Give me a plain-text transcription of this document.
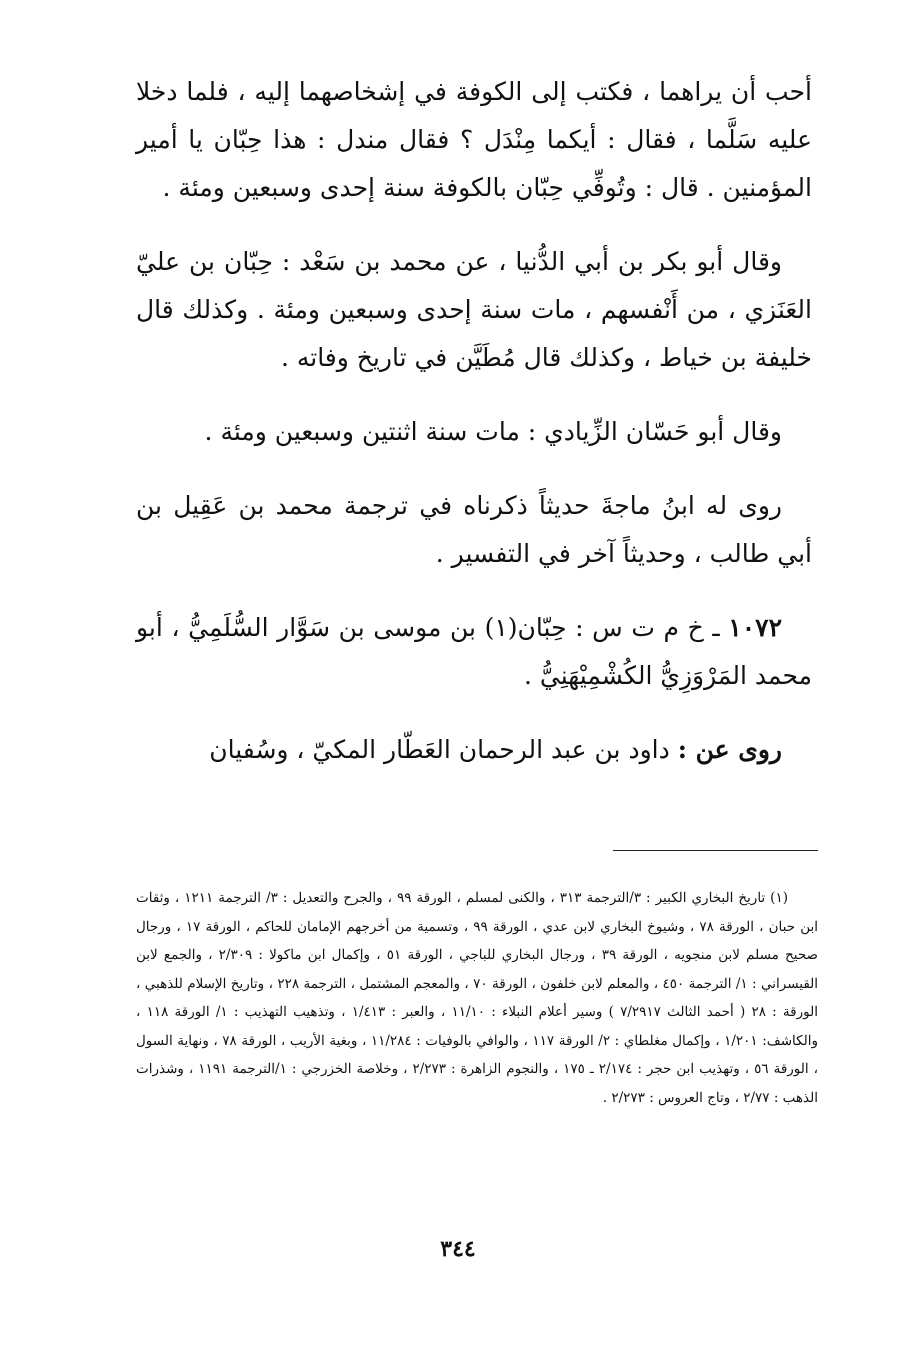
أحب أن يراهما ، فكتب إلى الكوفة في إشخاصهما إليه ، فلما دخلا عليه سَلَّما ، فقال : أيكما مِنْدَل ؟ فقال مندل : هذا حِبّان يا أمير المؤمنين . قال : وتُوفِّي حِبّان بالكوفة سنة إحدى وسبعين ومئة .

وقال أبو بكر بن أبي الدُّنيا ، عن محمد بن سَعْد : حِبّان بن عليّ العَنَزي ، من أَنْفسهم ، مات سنة إحدى وسبعين ومئة . وكذلك قال خليفة بن خياط ، وكذلك قال مُطَيَّن في تاريخ وفاته .

وقال أبو حَسّان الزِّيادي : مات سنة اثنتين وسبعين ومئة .

روى له ابنُ ماجةَ حديثاً ذكرناه في ترجمة محمد بن عَقِيل بن أبي طالب ، وحديثاً آخر في التفسير .

١٠٧٢ ـ خ م ت س : حِبّان(١) بن موسى بن سَوَّار السُّلَمِيُّ ، أبو محمد المَرْوَزِيُّ الكُشْمِيْهَنِيُّ .

روى عن : داود بن عبد الرحمان العَطّار المكيّ ، وسُفيان

(١) تاريخ البخاري الكبير : ٣/الترجمة ٣١٣ ، والكنى لمسلم ، الورقة ٩٩ ، والجرح والتعديل : ٣/ الترجمة ١٢١١ ، وثقات ابن حبان ، الورقة ٧٨ ، وشيوخ البخاري لابن عدي ، الورقة ٩٩ ، وتسمية من أخرجهم الإمامان للحاكم ، الورقة ١٧ ، ورجال صحيح مسلم لابن منجويه ، الورقة ٣٩ ، ورجال البخاري للباجي ، الورقة ٥١ ، وإكمال ابن ماكولا : ٢/٣٠٩ ، والجمع لابن القيسراني : ١/ الترجمة ٤٥٠ ، والمعلم لابن خلفون ، الورقة ٧٠ ، والمعجم المشتمل ، الترجمة ٢٢٨ ، وتاريخ الإسلام للذهبي ، الورقة : ٢٨ ( أحمد الثالث ٧/٢٩١٧ ) وسير أعلام النبلاء : ١١/١٠ ، والعبر : ١/٤١٣ ، وتذهيب التهذيب : ١/ الورقة ١١٨ ، والكاشف: ١/٢٠١ ، وإكمال مغلطاي : ٢/ الورقة ١١٧ ، والوافي بالوفيات : ١١/٢٨٤ ، وبغية الأريب ، الورقة ٧٨ ، ونهاية السول ، الورقة ٥٦ ، وتهذيب ابن حجر : ٢/١٧٤ ـ ١٧٥ ، والنجوم الزاهرة : ٢/٢٧٣ ، وخلاصة الخزرجي : ١/الترجمة ١١٩١ ، وشذرات الذهب : ٢/٧٧ ، وتاج العروس : ٢/٢٧٣ .

٣٤٤
